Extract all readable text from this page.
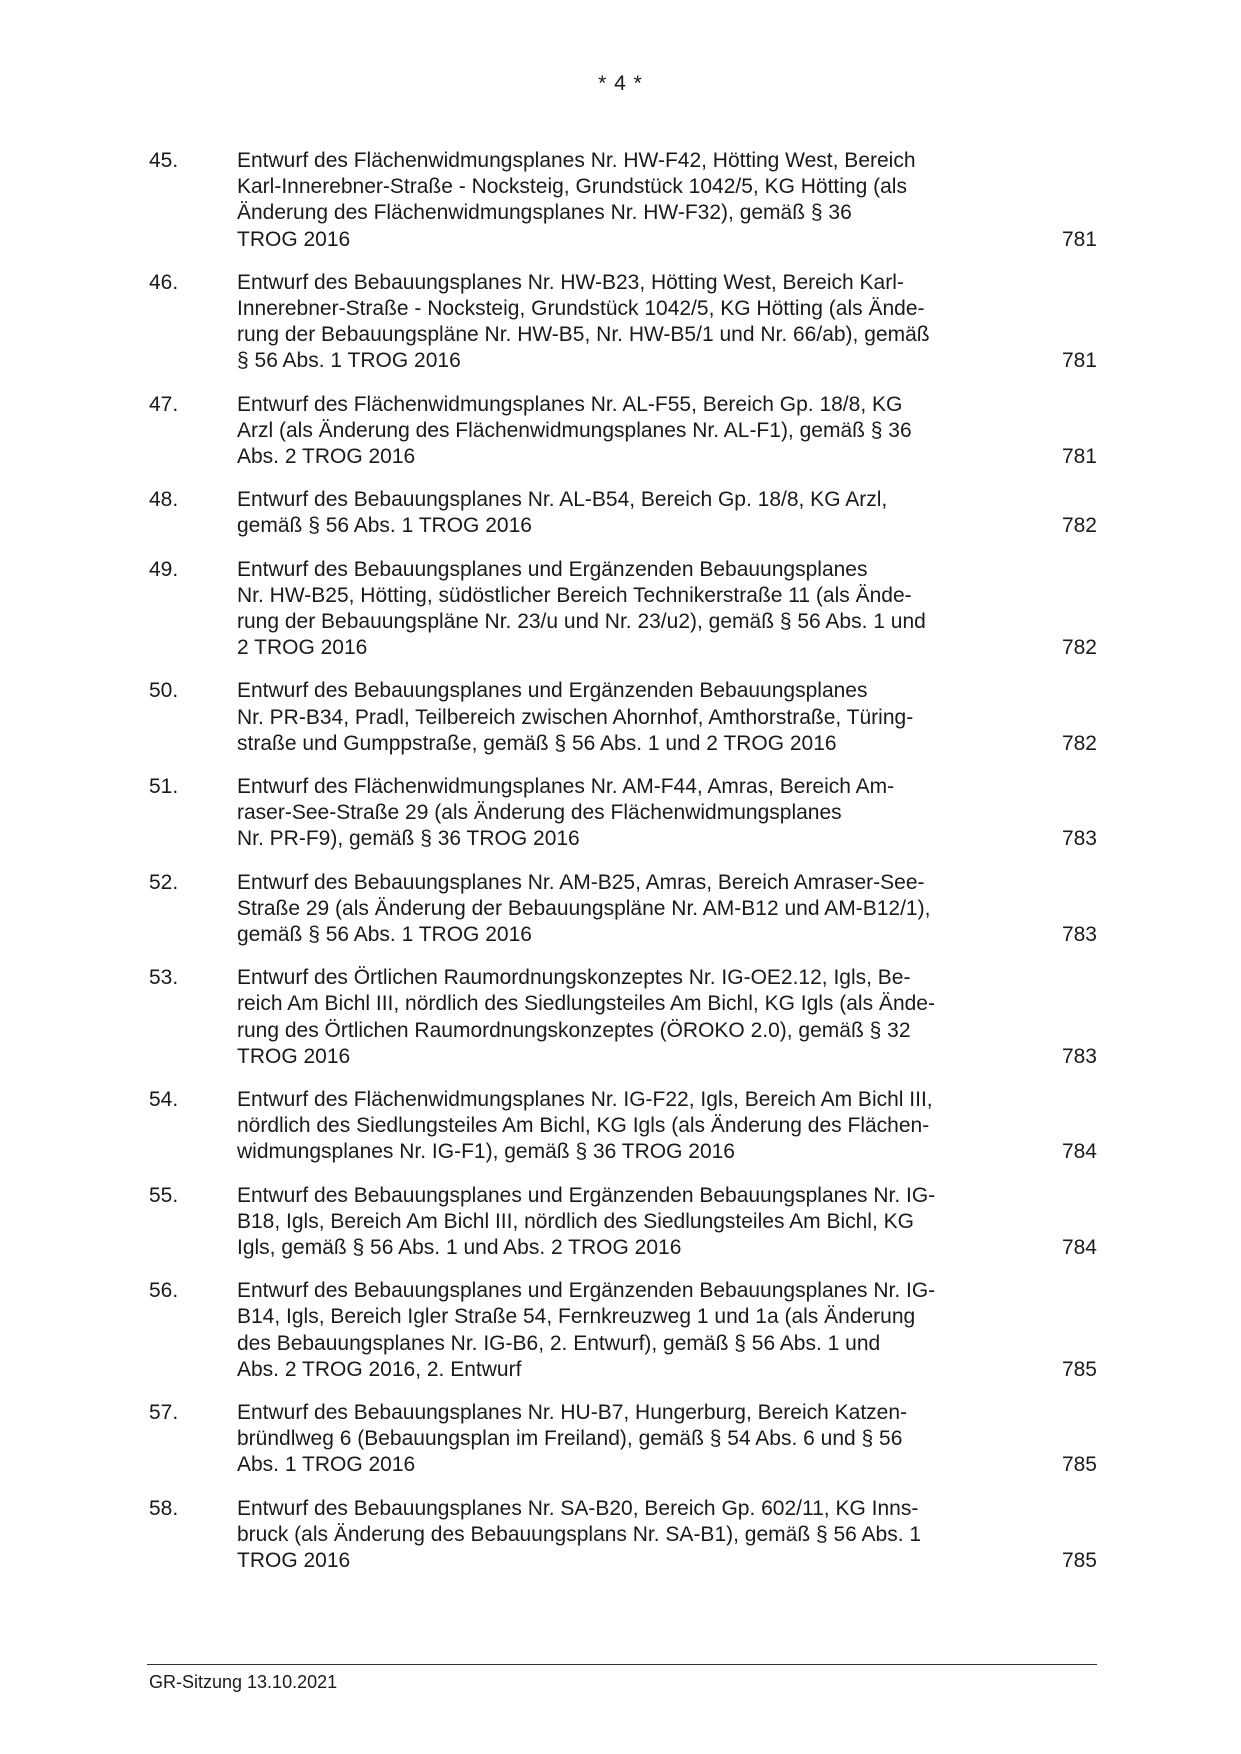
* 4 *
45.	Entwurf des Flächenwidmungsplanes Nr. HW-F42, Hötting West, Bereich
Karl-Innerebner-Straße - Nocksteig, Grundstück 1042/5, KG Hötting (als
Änderung des Flächenwidmungsplanes Nr. HW-F32), gemäß § 36
TROG 2016	781
46.	Entwurf des Bebauungsplanes Nr. HW-B23, Hötting West, Bereich Karl-
Innerebner-Straße - Nocksteig, Grundstück 1042/5, KG Hötting (als Ände-
rung der Bebauungspläne Nr. HW-B5, Nr. HW-B5/1 und Nr. 66/ab), gemäß
§ 56 Abs. 1 TROG 2016	781
47.	Entwurf des Flächenwidmungsplanes Nr. AL-F55, Bereich Gp. 18/8, KG
Arzl (als Änderung des Flächenwidmungsplanes Nr. AL-F1), gemäß § 36
Abs. 2 TROG 2016	781
48.	Entwurf des Bebauungsplanes Nr. AL-B54, Bereich Gp. 18/8, KG Arzl,
gemäß § 56 Abs. 1 TROG 2016	782
49.	Entwurf des Bebauungsplanes und Ergänzenden Bebauungsplanes
Nr. HW-B25, Hötting, südöstlicher Bereich Technikerstraße 11 (als Ände-
rung der Bebauungspläne Nr. 23/u und Nr. 23/u2), gemäß § 56 Abs. 1 und
2 TROG 2016	782
50.	Entwurf des Bebauungsplanes und Ergänzenden Bebauungsplanes
Nr. PR-B34, Pradl, Teilbereich zwischen Ahornhof, Amthorstraße, Türing-
straße und Gumppstraße, gemäß § 56 Abs. 1 und 2 TROG 2016	782
51.	Entwurf des Flächenwidmungsplanes Nr. AM-F44, Amras, Bereich Am-
raser-See-Straße 29 (als Änderung des Flächenwidmungsplanes
Nr. PR-F9), gemäß § 36 TROG 2016	783
52.	Entwurf des Bebauungsplanes Nr. AM-B25, Amras, Bereich Amraser-See-
Straße 29 (als Änderung der Bebauungspläne Nr. AM-B12 und AM-B12/1),
gemäß § 56 Abs. 1 TROG 2016	783
53.	Entwurf des Örtlichen Raumordnungskonzeptes Nr. IG-OE2.12, Igls, Be-
reich Am Bichl III, nördlich des Siedlungsteiles Am Bichl, KG Igls (als Ände-
rung des Örtlichen Raumordnungskonzeptes (ÖROKO 2.0), gemäß § 32
TROG 2016	783
54.	Entwurf des Flächenwidmungsplanes Nr. IG-F22, Igls, Bereich Am Bichl III,
nördlich des Siedlungsteiles Am Bichl, KG Igls (als Änderung des Flächen-
widmungsplanes Nr. IG-F1), gemäß § 36 TROG 2016	784
55.	Entwurf des Bebauungsplanes und Ergänzenden Bebauungsplanes Nr. IG-
B18, Igls, Bereich Am Bichl III, nördlich des Siedlungsteiles Am Bichl, KG
Igls, gemäß § 56 Abs. 1 und Abs. 2 TROG 2016	784
56.	Entwurf des Bebauungsplanes und Ergänzenden Bebauungsplanes Nr. IG-
B14, Igls, Bereich Igler Straße 54, Fernkreuzweg 1 und 1a (als Änderung
des Bebauungsplanes Nr. IG-B6, 2. Entwurf), gemäß § 56 Abs. 1 und
Abs. 2 TROG 2016, 2. Entwurf	785
57.	Entwurf des Bebauungsplanes Nr. HU-B7, Hungerburg, Bereich Katzen-
bründlweg 6 (Bebauungsplan im Freiland), gemäß § 54 Abs. 6 und § 56
Abs. 1 TROG 2016	785
58.	Entwurf des Bebauungsplanes Nr. SA-B20, Bereich Gp. 602/11, KG Inns-
bruck (als Änderung des Bebauungsplans Nr. SA-B1), gemäß § 56 Abs. 1
TROG 2016	785
GR-Sitzung 13.10.2021
